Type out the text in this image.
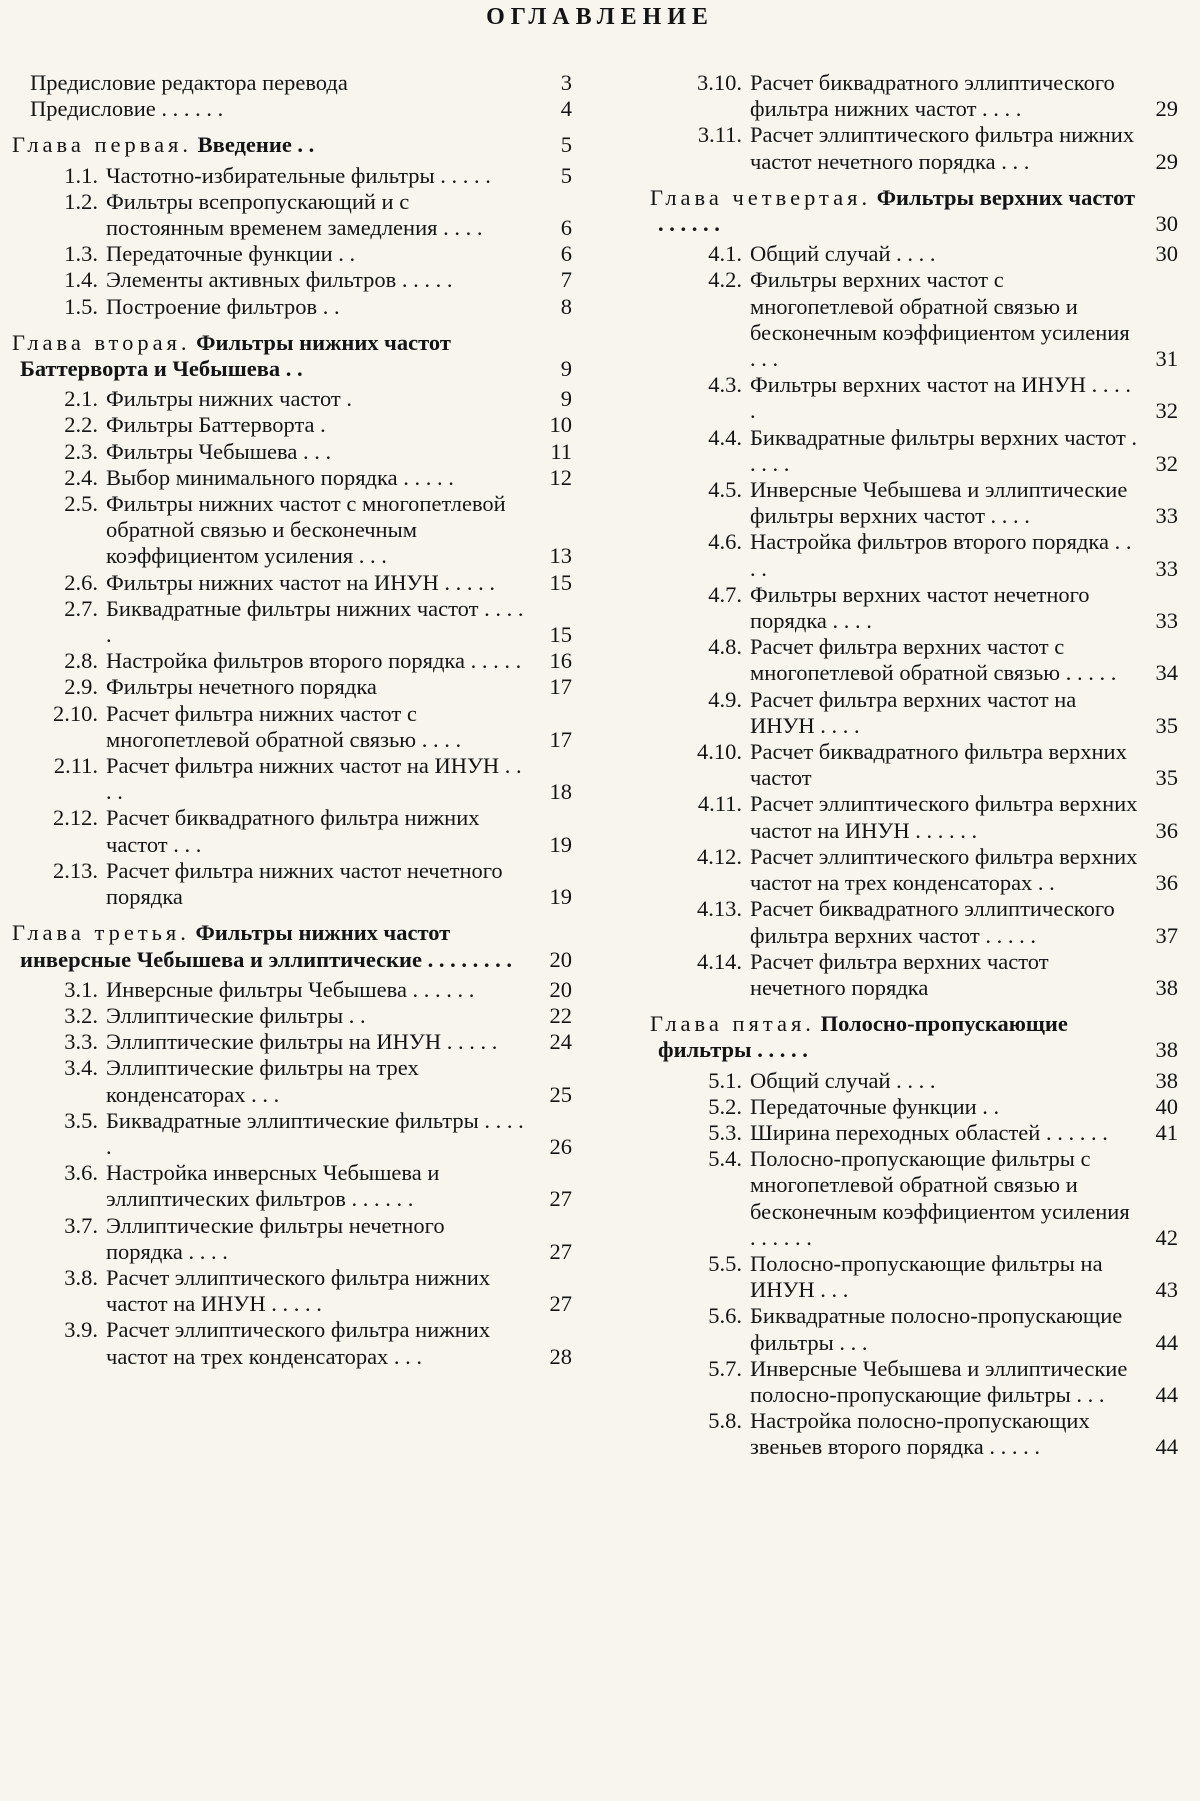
ОГЛАВЛЕНИЕ
Предисловие редактора перевода	3
Предисловие . . . . . .	4
Глава первая. Введение . .	5
1.1. Частотно-избирательные фильтры . . . . .	5
1.2. Фильтры всепропускающий и с постоянным временем замедления . . . .	6
1.3. Передаточные функции . .	6
1.4. Элементы активных фильтров . . . . .	7
1.5. Построение фильтров . .	8
Глава вторая. Фильтры нижних частот Баттерворта и Чебышева . .	9
2.1. Фильтры нижних частот .	9
2.2. Фильтры Баттерворта .	10
2.3. Фильтры Чебышева . . .	11
2.4. Выбор минимального порядка . . . . .	12
2.5. Фильтры нижних частот с многопетлевой обратной связью и бесконечным коэффициентом усиления . . .	13
2.6. Фильтры нижних частот на ИНУН . . . . .	15
2.7. Биквадратные фильтры нижних частот . . . . .	15
2.8. Настройка фильтров второго порядка . . . . .	16
2.9. Фильтры нечетного порядка	17
2.10. Расчет фильтра нижних частот с многопетлевой обратной связью . . . .	17
2.11. Расчет фильтра нижних частот на ИНУН . . . .	18
2.12. Расчет биквадратного фильтра нижних частот . . .	19
2.13. Расчет фильтра нижних частот нечетного порядка	19
Глава третья. Фильтры нижних частот инверсные Чебышева и эллиптические . . . . . . . .	20
3.1. Инверсные фильтры Чебышева . . . . . .	20
3.2. Эллиптические фильтры . .	22
3.3. Эллиптические фильтры на ИНУН . . . . .	24
3.4. Эллиптические фильтры на трех конденсаторах . . .	25
3.5. Биквадратные эллиптические фильтры . . . . .	26
3.6. Настройка инверсных Чебышева и эллиптических фильтров . . . . . .	27
3.7. Эллиптические фильтры нечетного порядка . . . .	27
3.8. Расчет эллиптического фильтра нижних частот на ИНУН . . . . .	27
3.9. Расчет эллиптического фильтра нижних частот на трех конденсаторах . . .	28
3.10. Расчет биквадратного эллиптического фильтра нижних частот . . . .	29
3.11. Расчет эллиптического фильтра нижних частот нечетного порядка . . .	29
Глава четвертая. Фильтры верхних частот . . . . . .	30
4.1. Общий случай . . . .	30
4.2. Фильтры верхних частот с многопетлевой обратной связью и бесконечным коэффициентом усиления . . .	31
4.3. Фильтры верхних частот на ИНУН . . . . .	32
4.4. Биквадратные фильтры верхних частот . . . . .	32
4.5. Инверсные Чебышева и эллиптические фильтры верхних частот . . . .	33
4.6. Настройка фильтров второго порядка . . . .	33
4.7. Фильтры верхних частот нечетного порядка . . . .	33
4.8. Расчет фильтра верхних частот с многопетлевой обратной связью . . . . .	34
4.9. Расчет фильтра верхних частот на ИНУН . . . .	35
4.10. Расчет биквадратного фильтра верхних частот	35
4.11. Расчет эллиптического фильтра верхних частот на ИНУН . . . . . .	36
4.12. Расчет эллиптического фильтра верхних частот на трех конденсаторах . .	36
4.13. Расчет биквадратного эллиптического фильтра верхних частот . . . . .	37
4.14. Расчет фильтра верхних частот нечетного порядка	38
Глава пятая. Полосно-пропускающие фильтры . . . . .	38
5.1. Общий случай . . . .	38
5.2. Передаточные функции . .	40
5.3. Ширина переходных областей . . . . . .	41
5.4. Полосно-пропускающие фильтры с многопетлевой обратной связью и бесконечным коэффициентом усиления . . . . . .	42
5.5. Полосно-пропускающие фильтры на ИНУН . . .	43
5.6. Биквадратные полосно-пропускающие фильтры . . .	44
5.7. Инверсные Чебышева и эллиптические полосно-пропускающие фильтры . . .	44
5.8. Настройка полосно-пропускающих звеньев второго порядка . . . . .	44
